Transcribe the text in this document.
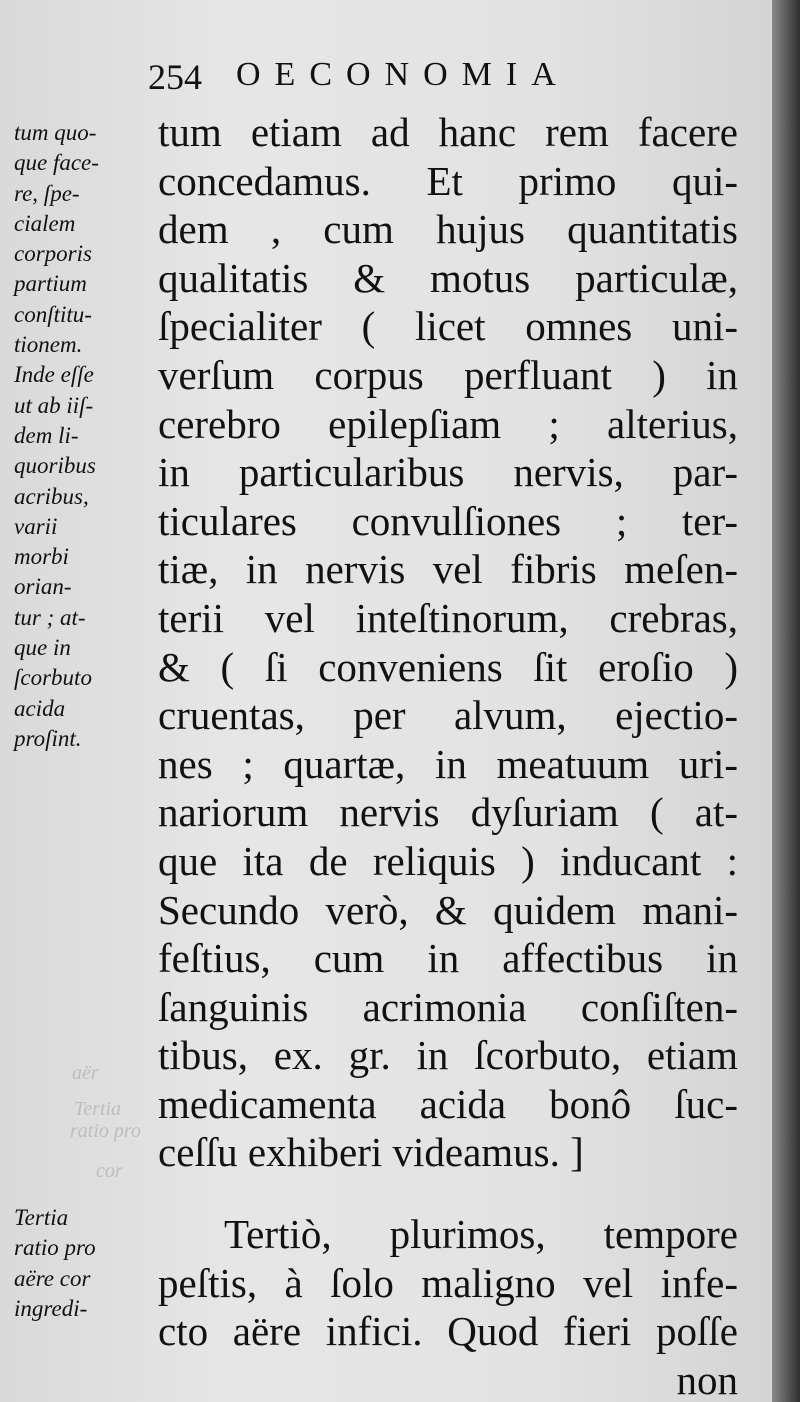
254 OECONOMIA
tum quo-
que face-
re, ſpe-
cialem
corporis
partium
conſtitu-
tionem.
Inde eſſe
ut ab iiſ-
dem li-
quoribus
acribus,
varii
morbi
orian-
tur ; at-
que in
ſcorbuto
acida
proſint.
aër
Tertia
ratio pro
cor
Tertia
ratio pro
aëre cor
ingredi-
tum etiam ad hanc rem facere
concedamus. Et primo qui-
dem , cum hujus quantitatis
qualitatis & motus particulæ,
ſpecialiter ( licet omnes uni-
verſum corpus perfluant ) in
cerebro epilepſiam ; alterius,
in particularibus nervis, par-
ticulares convulſiones ; ter-
tiæ, in nervis vel fibris meſen-
terii vel inteſtinorum, crebras,
& ( ſi conveniens ſit eroſio )
cruentas, per alvum, ejectio-
nes ; quartæ, in meatuum uri-
nariorum nervis dyſuriam ( at-
que ita de reliquis ) inducant :
Secundo verò, & quidem mani-
feſtius, cum in affectibus in
ſanguinis acrimonia conſiſten-
tibus, ex. gr. in ſcorbuto, etiam
medicamenta acida bonô ſuc-
ceſſu exhiberi videamus. ]
Tertiò, plurimos, tempore
peſtis, à ſolo maligno vel infe-
cto aëre infici. Quod fieri poſſe
non
